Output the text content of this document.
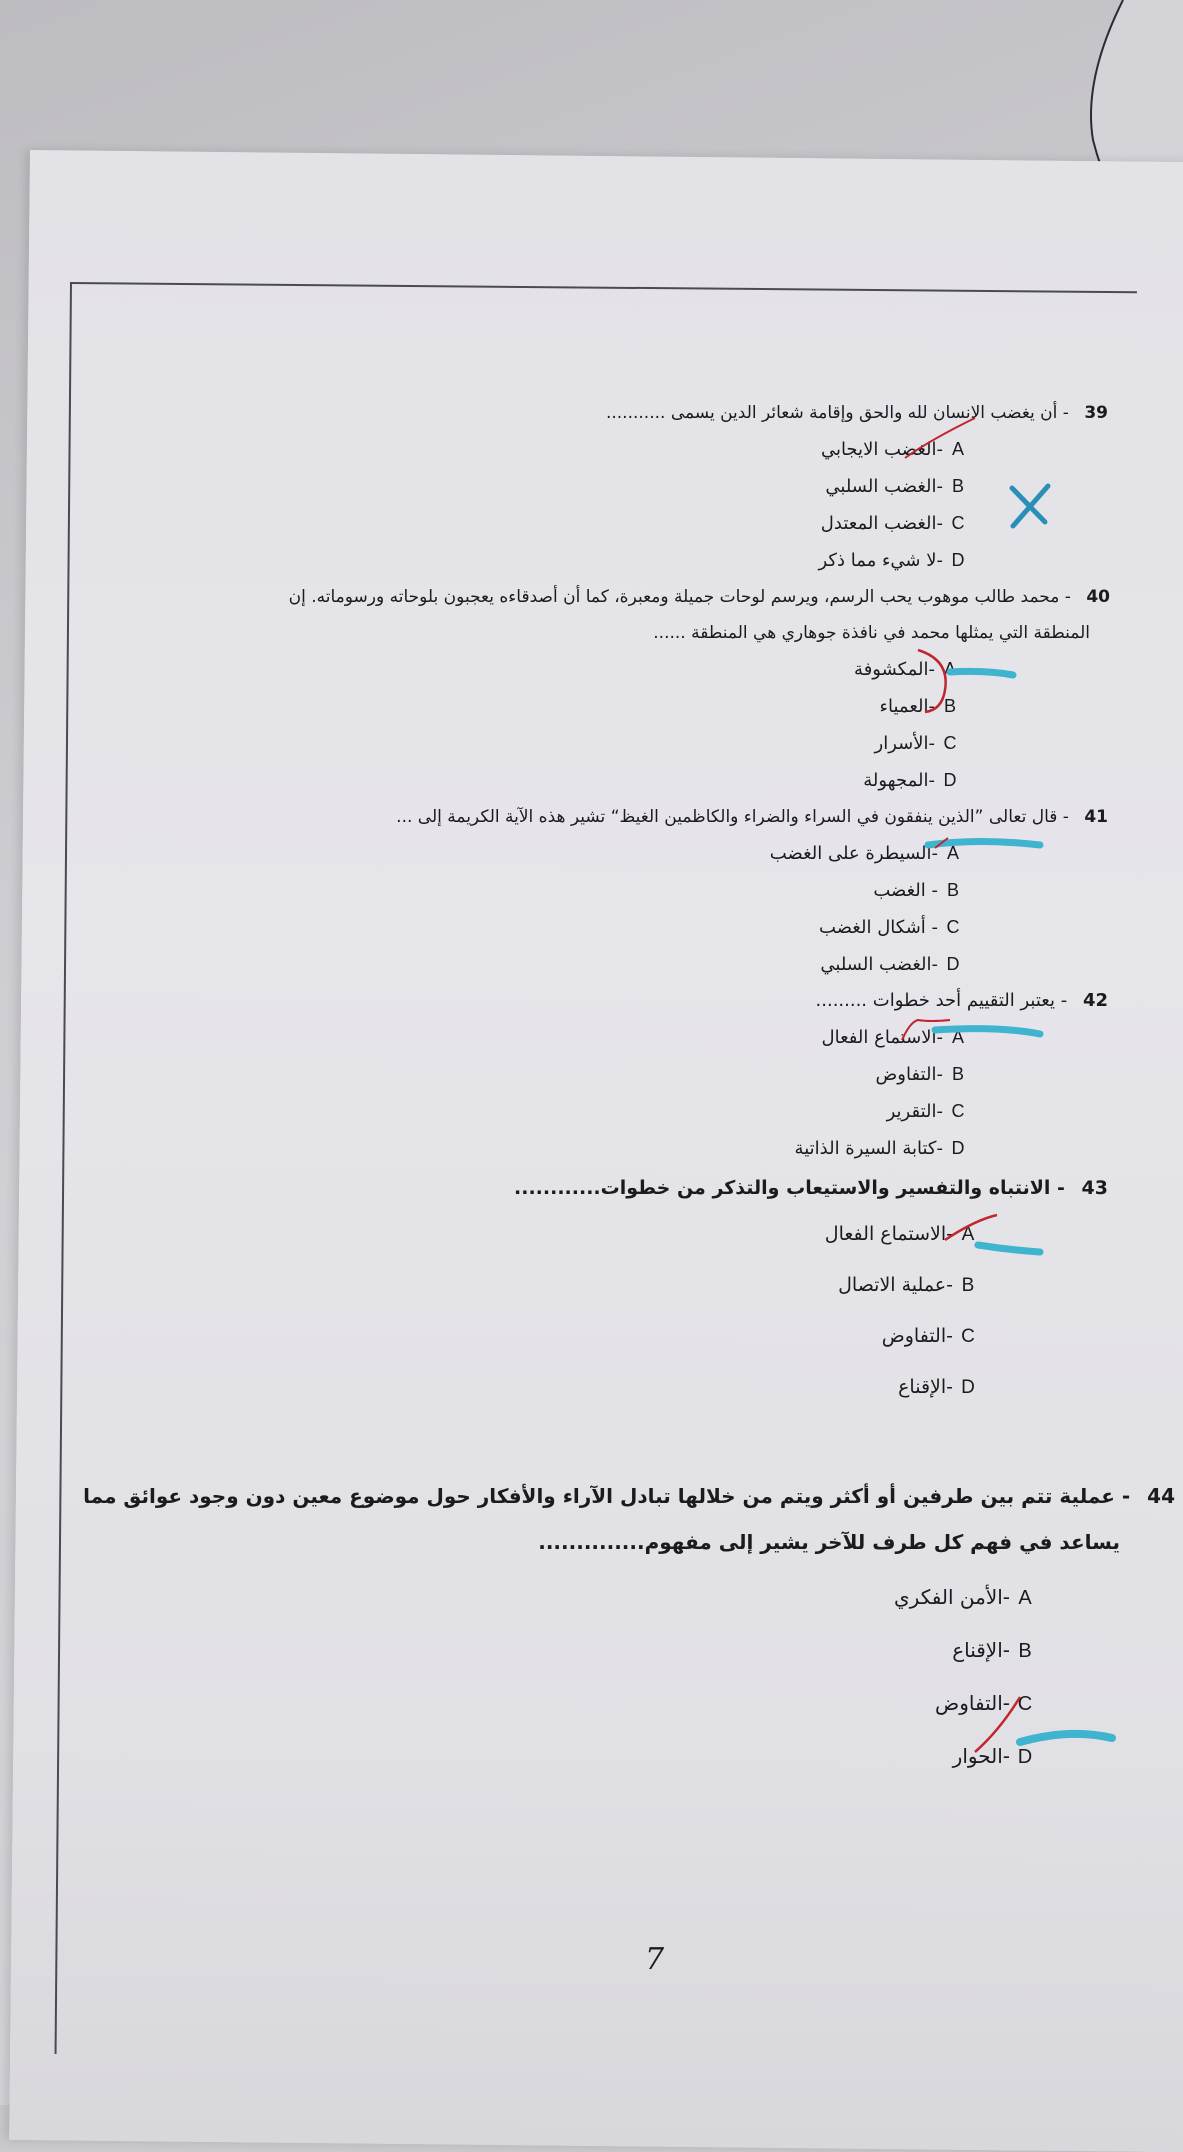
39 - أن يغضب الانسان لله والحق وإقامة شعائر الدين يسمى ...........
A-الغضب الايجابي
B-الغضب السلبي
C-الغضب المعتدل
D-لا شيء مما ذكر
40 - محمد طالب موهوب يحب الرسم، ويرسم لوحات جميلة ومعبرة، كما أن أصدقاءه يعجبون بلوحاته ورسوماته. إن
المنطقة التي يمثلها محمد في نافذة جوهاري هي المنطقة ......
A-المكشوفة
B-العمياء
C-الأسرار
D-المجهولة
41 - قال تعالى ”الذين ينفقون في السراء والضراء والكاظمين الغيظ“ تشير هذه الآية الكريمة إلى ...
A-السيطرة على الغضب
B- الغضب
C- أشكال الغضب
D-الغضب السلبي
42 - يعتبر التقييم أحد خطوات .........
A-الاستماع الفعال
B-التفاوض
C-التقرير
D-كتابة السيرة الذاتية
43 - الانتباه والتفسير والاستيعاب والتذكر من خطوات............
A-الاستماع الفعال
B-عملية الاتصال
C-التفاوض
D-الإقناع
44 - عملية تتم بين طرفين أو أكثر ويتم من خلالها تبادل الآراء والأفكار حول موضوع معين دون وجود عوائق مما
يساعد في فهم كل طرف للآخر يشير إلى مفهوم..............
A-الأمن الفكري
B-الإقناع
C-التفاوض
D-الحوار
7
